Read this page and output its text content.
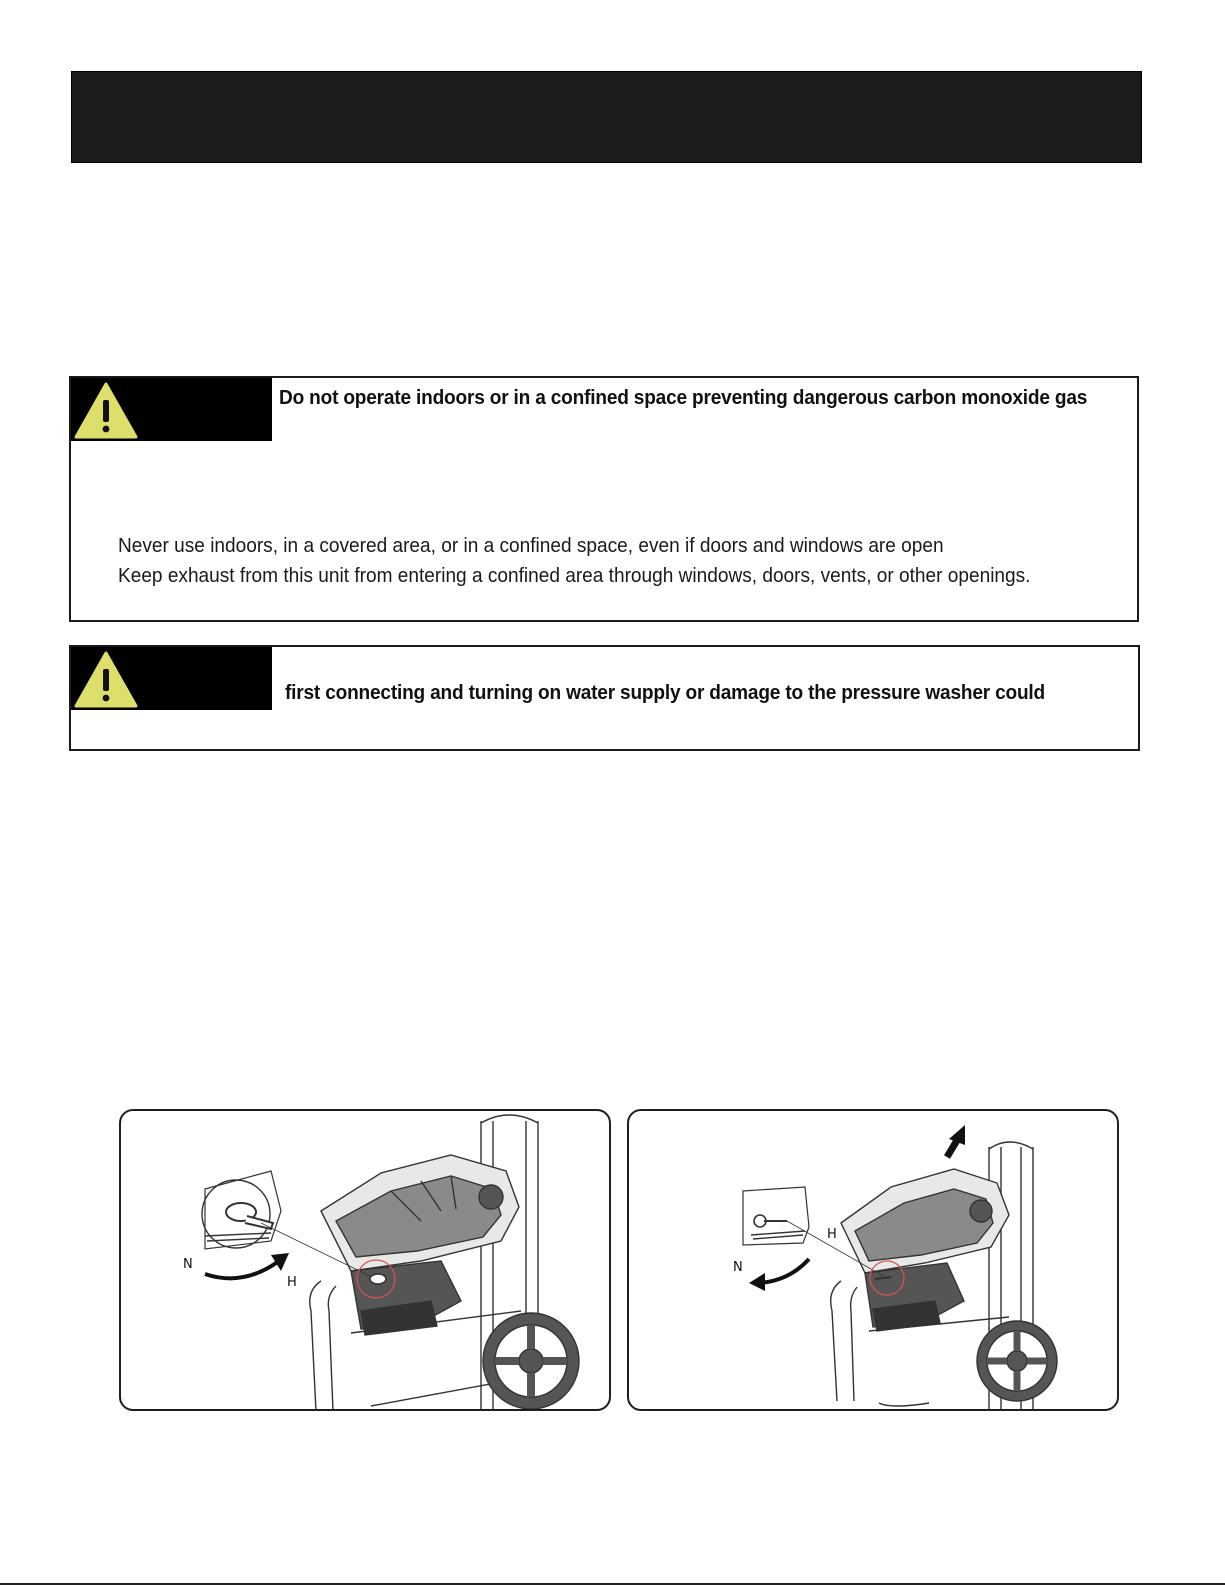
Do not operate indoors or in a confined space preventing dangerous carbon monoxide gas
Never use indoors, in a covered area, or in a confined space, even if doors and windows are open
Keep exhaust from this unit from entering a confined area through windows, doors, vents, or other openings.
first connecting and turning on water supply or damage to the pressure washer could
N
H
H
N
